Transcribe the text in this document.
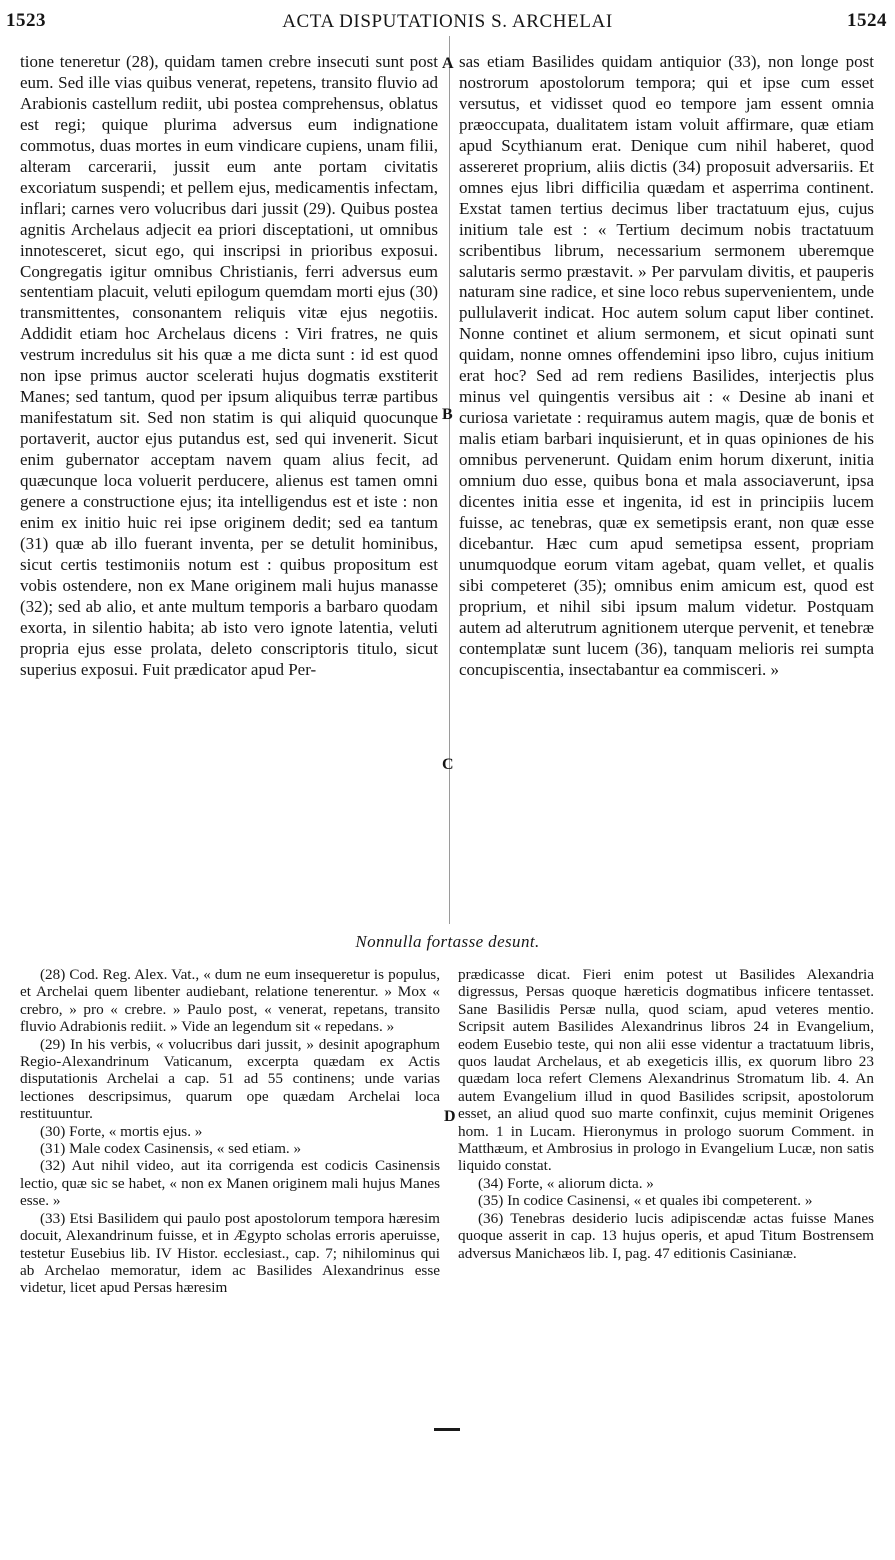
1523	ACTA DISPUTATIONIS S. ARCHELAI	1524

tione teneretur (28), quidam tamen crebre insecuti sunt post eum. Sed ille vias quibus venerat, repetens, transito fluvio ad Arabionis castellum rediit, ubi postea comprehensus, oblatus est regi; quique plurima adversus eum indignatione commotus, duas mortes in eum vindicare cupiens, unam filii, alteram carcerarii, jussit eum ante portam civitatis excoriatum suspendi; et pellem ejus, medicamentis infectam, inflari; carnes vero volucribus dari jussit (29). Quibus postea agnitis Archelaus adjecit ea priori disceptationi, ut omnibus innotesceret, sicut ego, qui inscripsi in prioribus exposui. Congregatis igitur omnibus Christianis, ferri adversus eum sententiam placuit, veluti epilogum quemdam morti ejus (30) transmittentes, consonantem reliquis vitæ ejus negotiis. Addidit etiam hoc Archelaus dicens : Viri fratres, ne quis vestrum incredulus sit his quæ a me dicta sunt : id est quod non ipse primus auctor scelerati hujus dogmatis exstiterit Manes; sed tantum, quod per ipsum aliquibus terræ partibus manifestatum sit. Sed non statim is qui aliquid quocunque portaverit, auctor ejus putandus est, sed qui invenerit. Sicut enim gubernator acceptam navem quam alius fecit, ad quæcunque loca voluerit perducere, alienus est tamen omni genere a constructione ejus; ita intelligendus est et iste : non enim ex initio huic rei ipse originem dedit; sed ea tantum (31) quæ ab illo fuerant inventa, per se detulit hominibus, sicut certis testimoniis notum est : quibus propositum est vobis ostendere, non ex Mane originem mali hujus manasse (32); sed ab alio, et ante multum temporis a barbaro quodam exorta, in silentio habita; ab isto vero ignote latentia, veluti propria ejus esse prolata, deleto conscriptoris titulo, sicut superius exposui. Fuit prædicator apud Per-

sas etiam Basilides quidam antiquior (33), non longe post nostrorum apostolorum tempora; qui et ipse cum esset versutus, et vidisset quod eo tempore jam essent omnia præoccupata, dualitatem istam voluit affirmare, quæ etiam apud Scythianum erat. Denique cum nihil haberet, quod assereret proprium, aliis dictis (34) proposuit adversariis. Et omnes ejus libri difficilia quædam et asperrima continent. Exstat tamen tertius decimus liber tractatuum ejus, cujus initium tale est : « Tertium decimum nobis tractatuum scribentibus librum, necessarium sermonem uberemque salutaris sermo præstavit. » Per parvulam divitis, et pauperis naturam sine radice, et sine loco rebus supervenientem, unde pullulaverit indicat. Hoc autem solum caput liber continet. Nonne continet et alium sermonem, et sicut opinati sunt quidam, nonne omnes offendemini ipso libro, cujus initium erat hoc? Sed ad rem rediens Basilides, interjectis plus minus vel quingentis versibus ait : « Desine ab inani et curiosa varietate : requiramus autem magis, quæ de bonis et malis etiam barbari inquisierunt, et in quas opiniones de his omnibus pervenerunt. Quidam enim horum dixerunt, initia omnium duo esse, quibus bona et mala associaverunt, ipsa dicentes initia esse et ingenita, id est in principiis lucem fuisse, ac tenebras, quæ ex semetipsis erant, non quæ esse dicebantur. Hæc cum apud semetipsa essent, propriam unumquodque eorum vitam agebat, quam vellet, et qualis sibi competeret (35); omnibus enim amicum est, quod est proprium, et nihil sibi ipsum malum videtur. Postquam autem ad alterutrum agnitionem uterque pervenit, et tenebræ contemplatæ sunt lucem (36), tanquam melioris rei sumpta concupiscentia, insectabantur ea commisceri. »

A
B
C
D
Nonnulla fortasse desunt.

(28) Cod. Reg. Alex. Vat., « dum ne eum insequeretur is populus, et Archelai quem libenter audiebant, relatione tenerentur. » Mox « crebro, » pro « crebre. » Paulo post, « venerat, repetans, transito fluvio Adrabionis rediit. » Vide an legendum sit « repedans. »

(29) In his verbis, « volucribus dari jussit, » desinit apographum Regio-Alexandrinum Vaticanum, excerpta quædam ex Actis disputationis Archelai a cap. 51 ad 55 continens; unde varias lectiones descripsimus, quarum ope quædam Archelai loca restituuntur.

(30) Forte, « mortis ejus. »

(31) Male codex Casinensis, « sed etiam. »

(32) Aut nihil video, aut ita corrigenda est codicis Casinensis lectio, quæ sic se habet, « non ex Manen originem mali hujus Manes esse. »

(33) Etsi Basilidem qui paulo post apostolorum tempora hæresim docuit, Alexandrinum fuisse, et in Ægypto scholas erroris aperuisse, testetur Eusebius lib. IV Histor. ecclesiast., cap. 7; nihilominus qui ab Archelao memoratur, idem ac Basilides Alexandrinus esse videtur, licet apud Persas hæresim

prædicasse dicat. Fieri enim potest ut Basilides Alexandria digressus, Persas quoque hæreticis dogmatibus inficere tentasset. Sane Basilidis Persæ nulla, quod sciam, apud veteres mentio. Scripsit autem Basilides Alexandrinus libros 24 in Evangelium, eodem Eusebio teste, qui non alii esse videntur a tractatuum libris, quos laudat Archelaus, et ab exegeticis illis, ex quorum libro 23 quædam loca refert Clemens Alexandrinus Stromatum lib. 4. An autem Evangelium illud in quod Basilides scripsit, apostolorum esset, an aliud quod suo marte confinxit, cujus meminit Origenes hom. 1 in Lucam. Hieronymus in prologo suorum Comment. in Matthæum, et Ambrosius in prologo in Evangelium Lucæ, non satis liquido constat.

(34) Forte, « aliorum dicta. »

(35) In codice Casinensi, « et quales ibi competerent. »

(36) Tenebras desiderio lucis adipiscendæ actas fuisse Manes quoque asserit in cap. 13 hujus operis, et apud Titum Bostrensem adversus Manichæos lib. I, pag. 47 editionis Casinianæ.
